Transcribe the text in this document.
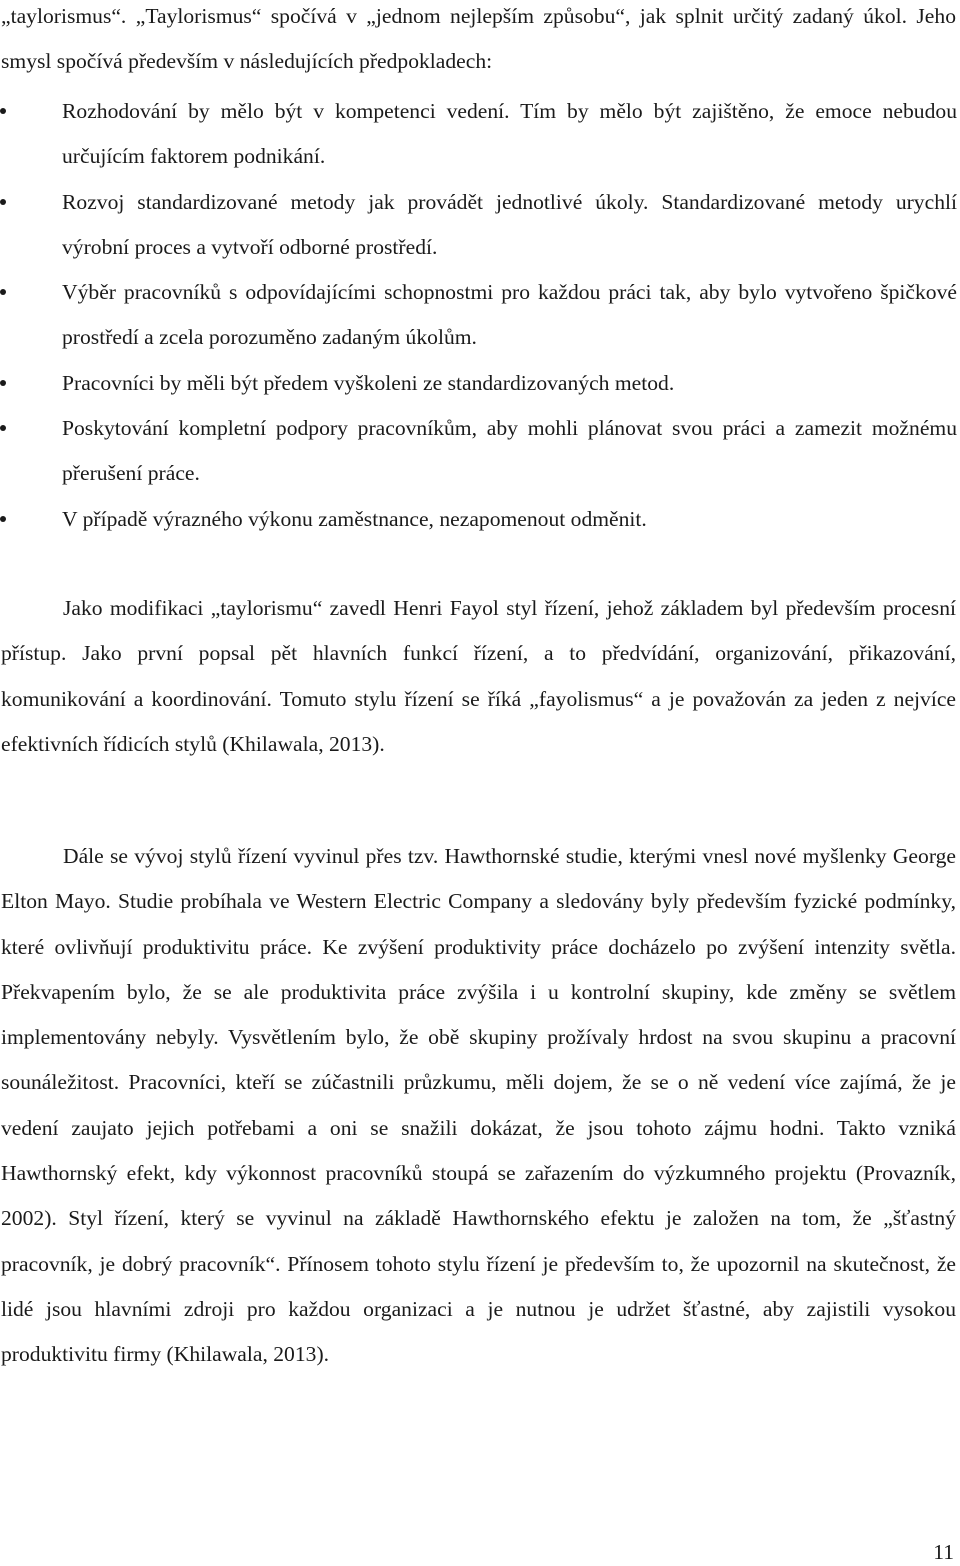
„taylorismus“. „Taylorismus“ spočívá v „jednom nejlepším způsobu“, jak splnit určitý zadaný úkol. Jeho smysl spočívá především v následujících předpokladech:

Rozhodování by mělo být v kompetenci vedení. Tím by mělo být zajištěno, že emoce nebudou určujícím faktorem podnikání.
Rozvoj standardizované metody jak provádět jednotlivé úkoly. Standardizované metody urychlí výrobní proces a vytvoří odborné prostředí.
Výběr pracovníků s odpovídajícími schopnostmi pro každou práci tak, aby bylo vytvořeno špičkové prostředí a zcela porozuměno zadaným úkolům.
Pracovníci by měli být předem vyškoleni ze standardizovaných metod.
Poskytování kompletní podpory pracovníkům, aby mohli plánovat svou práci a zamezit možnému přerušení práce.
V případě výrazného výkonu zaměstnance, nezapomenout odměnit.

Jako modifikaci „taylorismu“ zavedl Henri Fayol styl řízení, jehož základem byl především procesní přístup. Jako první popsal pět hlavních funkcí řízení, a to předvídání, organizování, přikazování, komunikování a koordinování. Tomuto stylu řízení se říká „fayolismus“ a je považován za jeden z nejvíce efektivních řídicích stylů (Khilawala, 2013).

Dále se vývoj stylů řízení vyvinul přes tzv. Hawthornské studie, kterými vnesl nové myšlenky George Elton Mayo. Studie probíhala ve Western Electric Company a sledovány byly především fyzické podmínky, které ovlivňují produktivitu práce. Ke zvýšení produktivity práce docházelo po zvýšení intenzity světla. Překvapením bylo, že se ale produktivita práce zvýšila i u kontrolní skupiny, kde změny se světlem implementovány nebyly. Vysvětlením bylo, že obě skupiny prožívaly hrdost na svou skupinu a pracovní sounáležitost. Pracovníci, kteří se zúčastnili průzkumu, měli dojem, že se o ně vedení více zajímá, že je vedení zaujato jejich potřebami a oni se snažili dokázat, že jsou tohoto zájmu hodni. Takto vzniká Hawthornský efekt, kdy výkonnost pracovníků stoupá se zařazením do výzkumného projektu (Provazník, 2002). Styl řízení, který se vyvinul na základě Hawthornského efektu je založen na tom, že „šťastný pracovník, je dobrý pracovník“. Přínosem tohoto stylu řízení je především to, že upozornil na skutečnost, že lidé jsou hlavními zdroji pro každou organizaci a je nutnou je udržet šťastné, aby zajistili vysokou produktivitu firmy (Khilawala, 2013).

11
